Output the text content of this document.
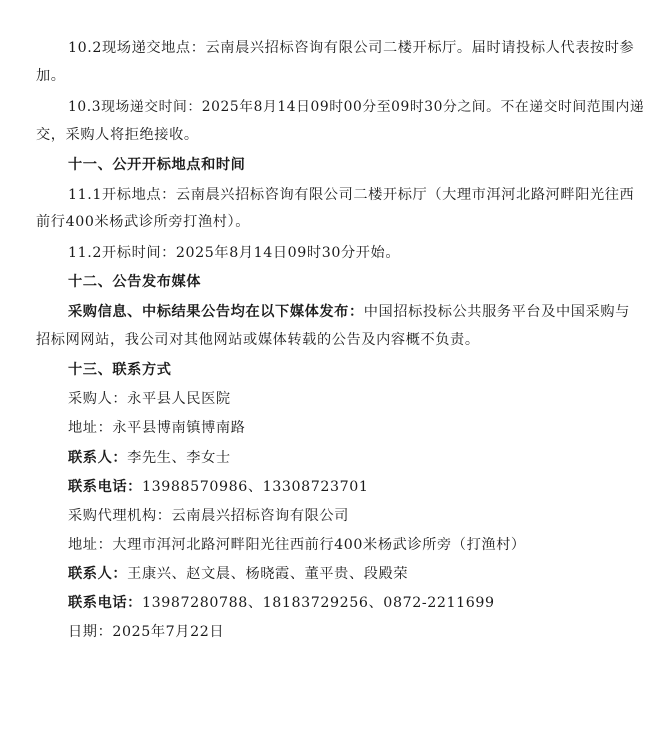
10.2现场递交地点：云南晨兴招标咨询有限公司二楼开标厅。届时请投标人代表按时参
加。
10.3现场递交时间：2025年8月14日09时00分至09时30分之间。不在递交时间范围内递
交，采购人将拒绝接收。
十一、公开开标地点和时间
11.1开标地点：云南晨兴招标咨询有限公司二楼开标厅（大理市洱河北路河畔阳光往西
前行400米杨武诊所旁打渔村）。
11.2开标时间：2025年8月14日09时30分开始。
十二、公告发布媒体
采购信息、中标结果公告均在以下媒体发布：中国招标投标公共服务平台及中国采购与
招标网网站，我公司对其他网站或媒体转载的公告及内容概不负责。
十三、联系方式
采购人：永平县人民医院
地址：永平县博南镇博南路
联系人：李先生、李女士
联系电话：13988570986、13308723701
采购代理机构：云南晨兴招标咨询有限公司
地址：大理市洱河北路河畔阳光往西前行400米杨武诊所旁（打渔村）
联系人：王康兴、赵文晨、杨晓霞、董平贵、段殿荣
联系电话：13987280788、18183729256、0872-2211699
日期：2025年7月22日
